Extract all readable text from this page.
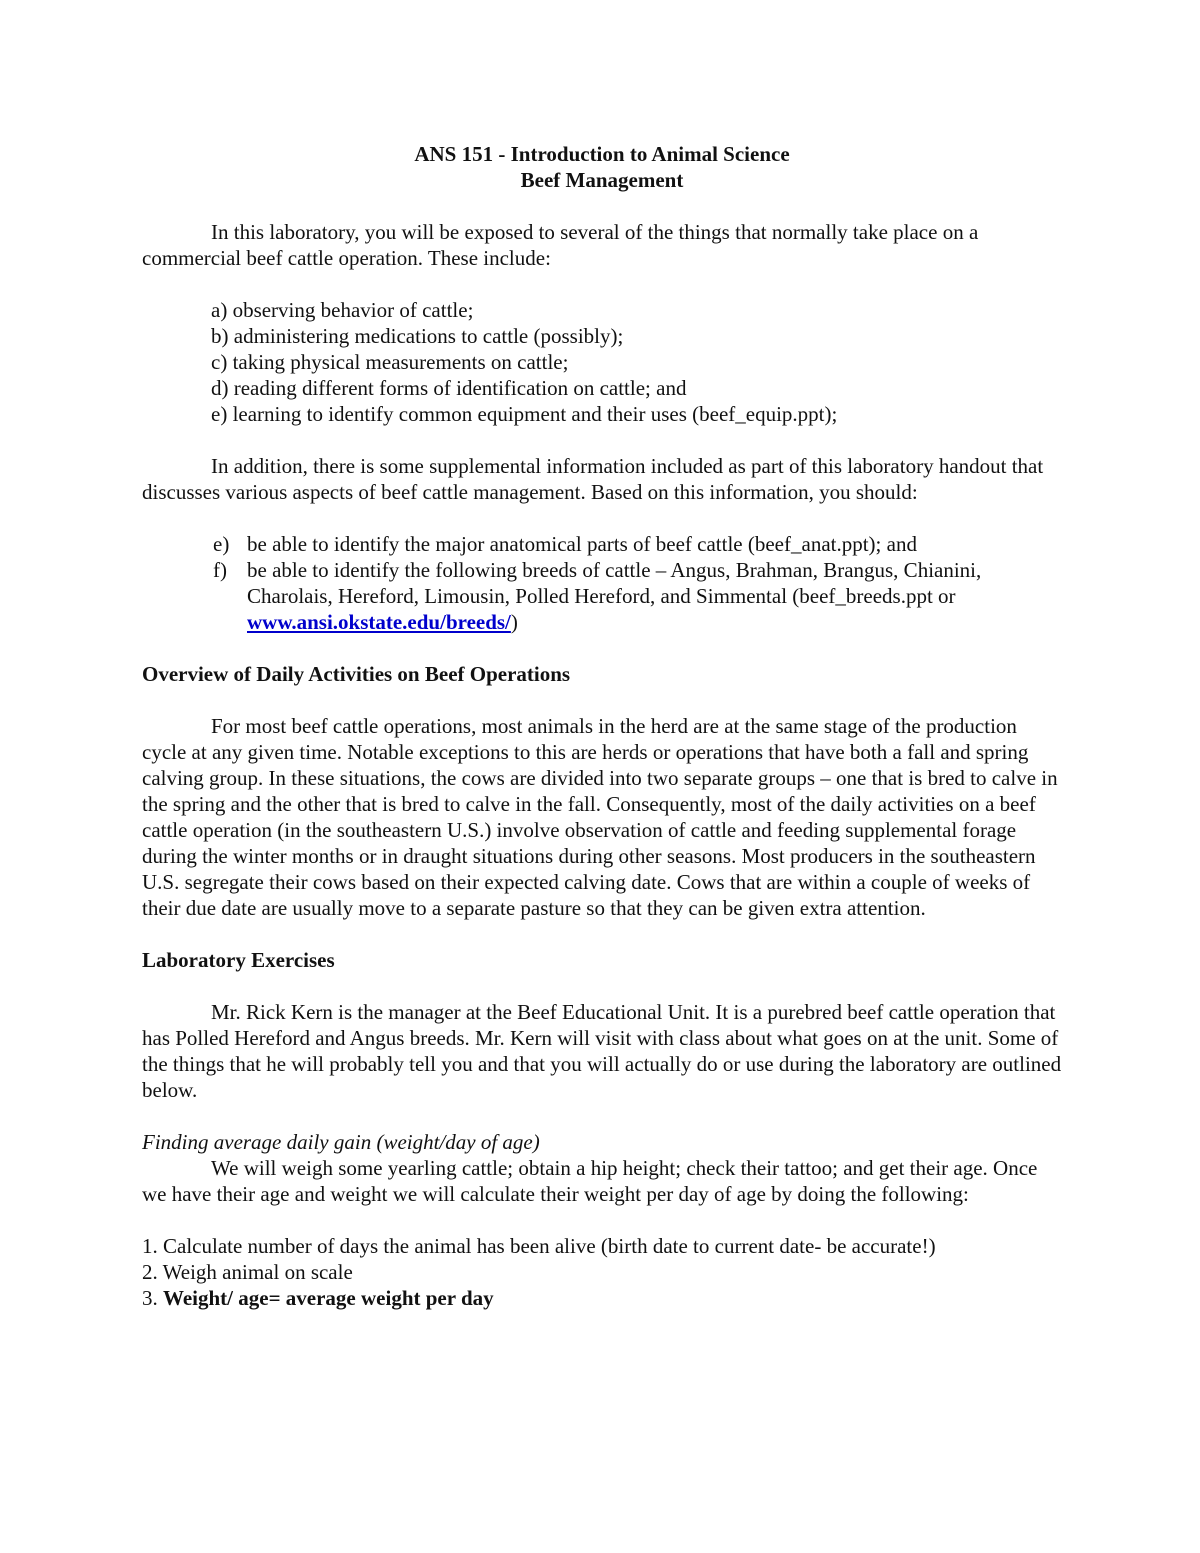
ANS 151 - Introduction to Animal Science

Beef Management

In this laboratory, you will be exposed to several of the things that normally take place on a commercial beef cattle operation. These include:

a) observing behavior of cattle;
b) administering medications to cattle (possibly);
c) taking physical measurements on cattle;
d) reading different forms of identification on cattle; and
e) learning to identify common equipment and their uses (beef_equip.ppt);

In addition, there is some supplemental information included as part of this laboratory handout that discusses various aspects of beef cattle management. Based on this information, you should:

e) be able to identify the major anatomical parts of beef cattle (beef_anat.ppt); and
f) be able to identify the following breeds of cattle – Angus, Brahman, Brangus, Chianini, Charolais, Hereford, Limousin, Polled Hereford, and Simmental (beef_breeds.ppt or www.ansi.okstate.edu/breeds/)

Overview of Daily Activities on Beef Operations

For most beef cattle operations, most animals in the herd are at the same stage of the production cycle at any given time. Notable exceptions to this are herds or operations that have both a fall and spring calving group. In these situations, the cows are divided into two separate groups – one that is bred to calve in the spring and the other that is bred to calve in the fall. Consequently, most of the daily activities on a beef cattle operation (in the southeastern U.S.) involve observation of cattle and feeding supplemental forage during the winter months or in draught situations during other seasons. Most producers in the southeastern U.S. segregate their cows based on their expected calving date. Cows that are within a couple of weeks of their due date are usually move to a separate pasture so that they can be given extra attention.

Laboratory Exercises

Mr. Rick Kern is the manager at the Beef Educational Unit. It is a purebred beef cattle operation that has Polled Hereford and Angus breeds. Mr. Kern will visit with class about what goes on at the unit. Some of the things that he will probably tell you and that you will actually do or use during the laboratory are outlined below.

Finding average daily gain (weight/day of age)

We will weigh some yearling cattle; obtain a hip height; check their tattoo; and get their age. Once we have their age and weight we will calculate their weight per day of age by doing the following:

1. Calculate number of days the animal has been alive (birth date to current date- be accurate!)
2. Weigh animal on scale
3. Weight/ age= average weight per day
